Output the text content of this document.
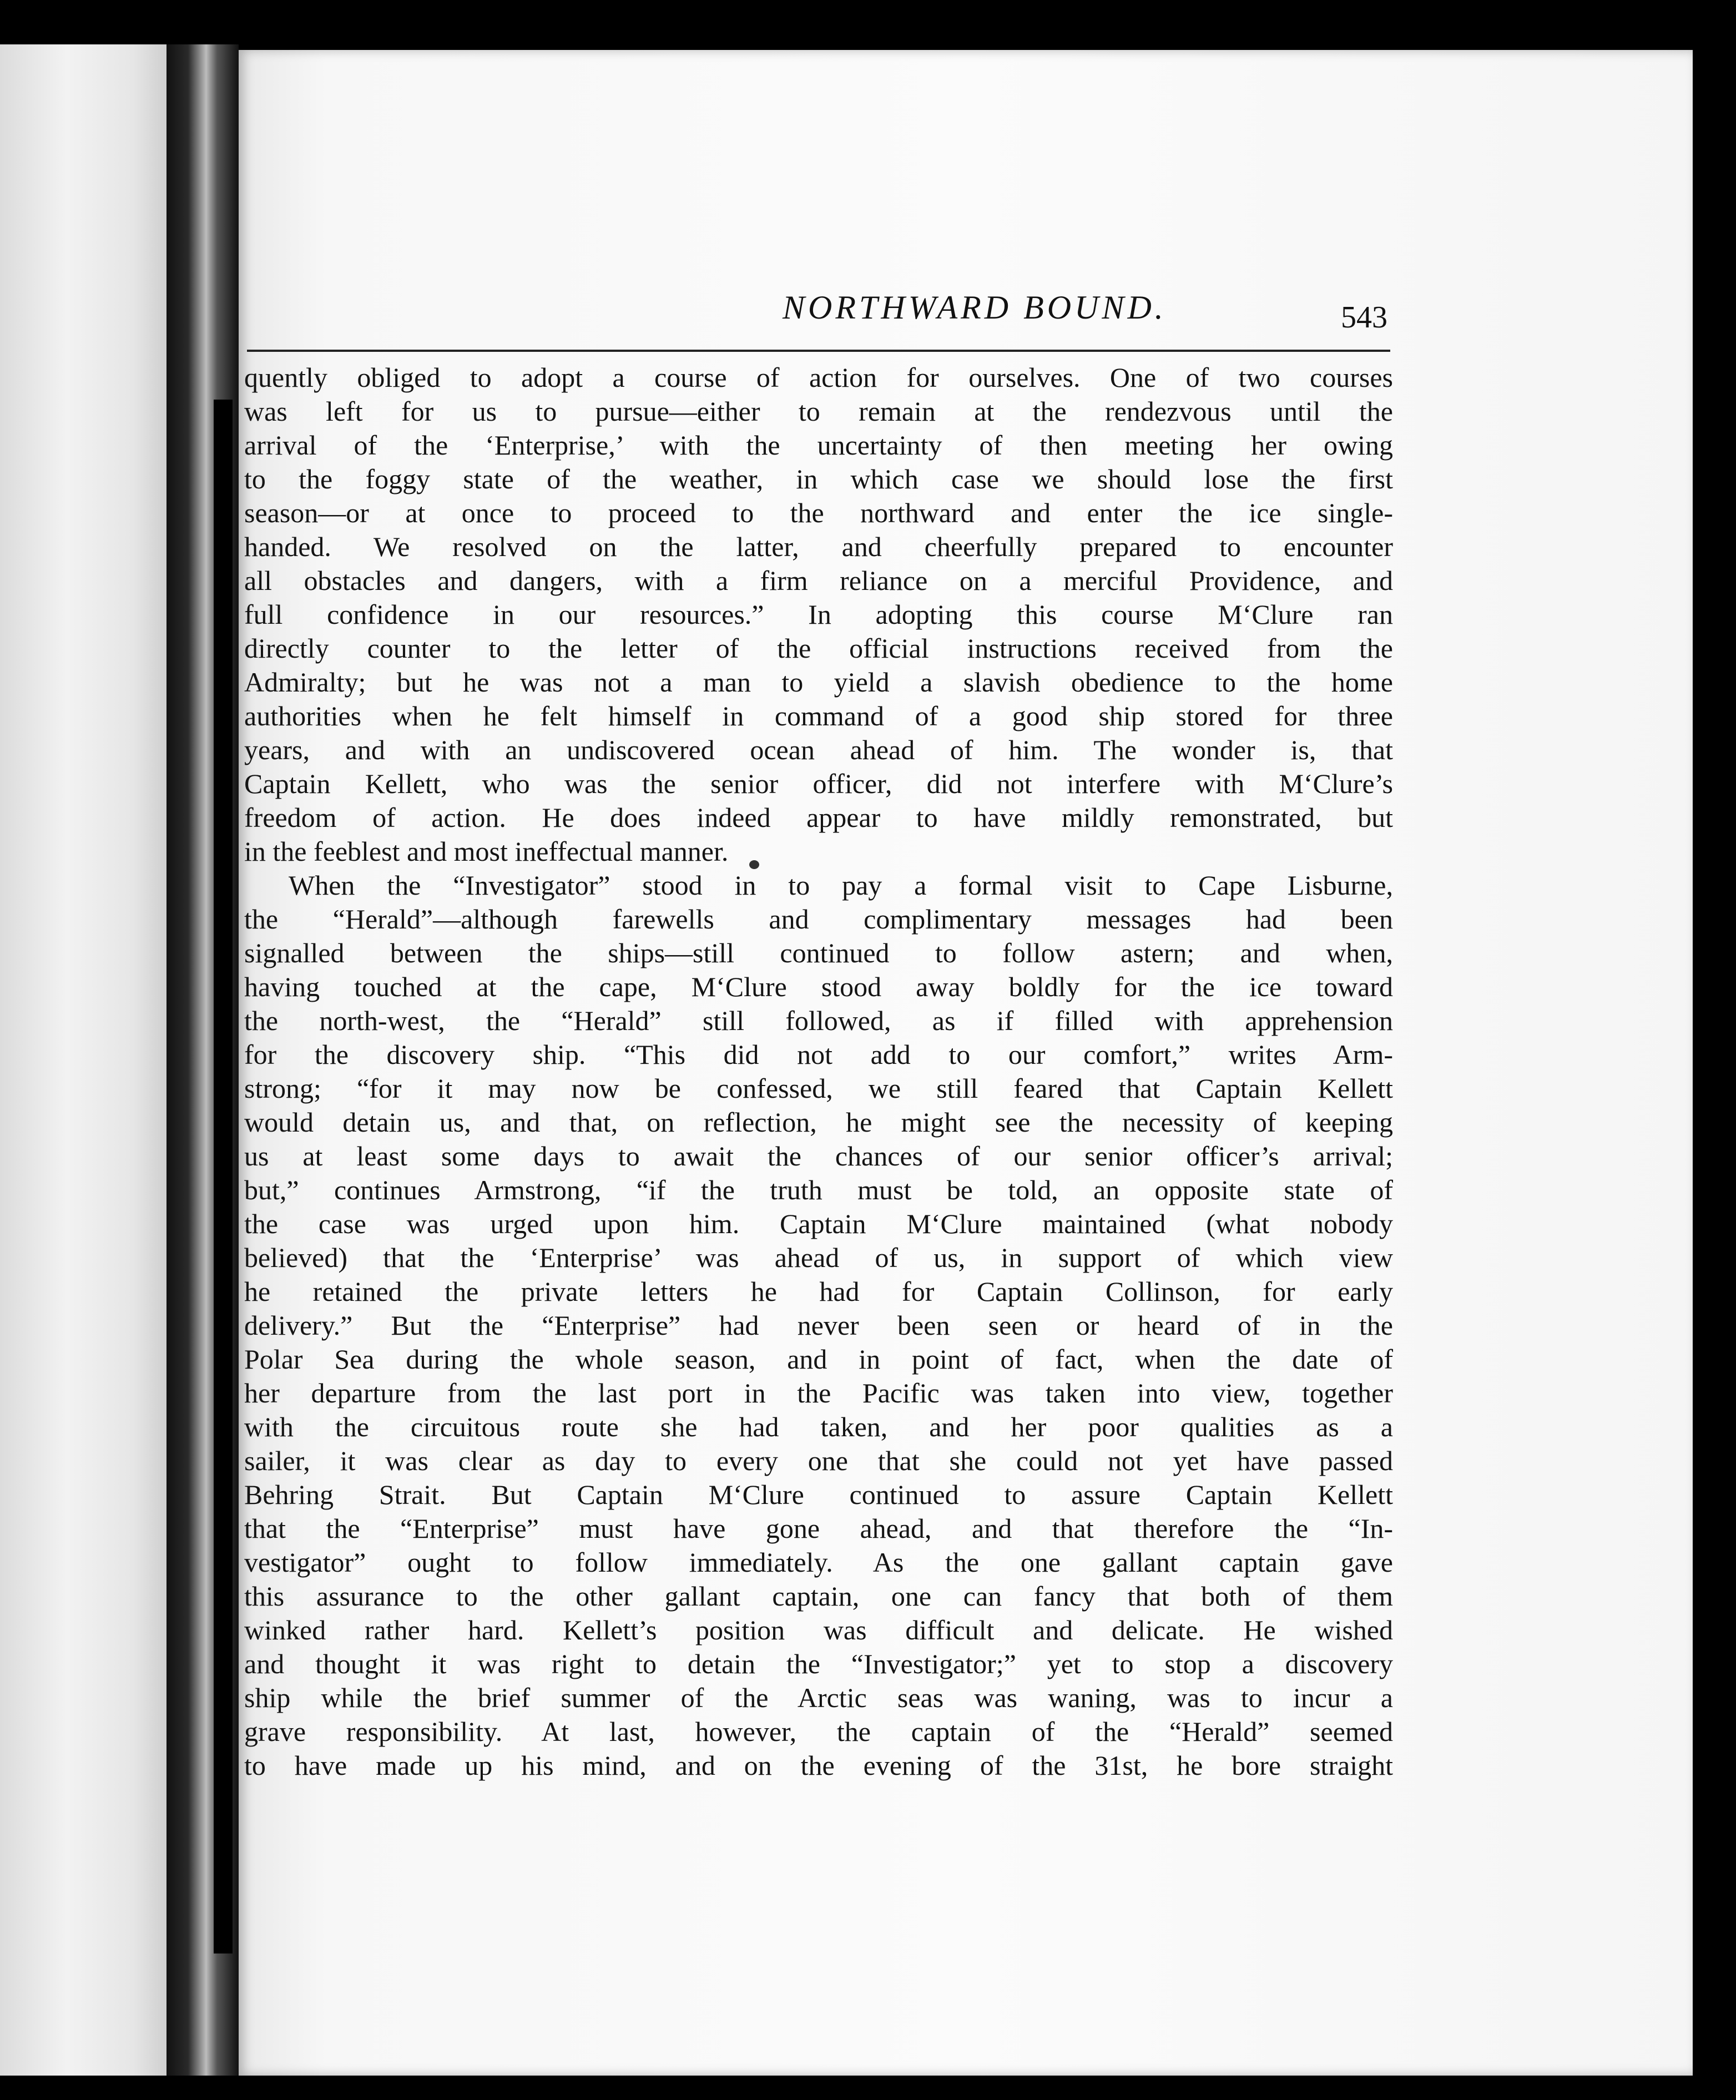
NORTHWARD BOUND.	543
quently obliged to adopt a course of action for ourselves. One of two courses
was left for us to pursue—either to remain at the rendezvous until the
arrival of the ‘Enterprise,’ with the uncertainty of then meeting her owing
to the foggy state of the weather, in which case we should lose the first
season—or at once to proceed to the northward and enter the ice single-
handed. We resolved on the latter, and cheerfully prepared to encounter
all obstacles and dangers, with a firm reliance on a merciful Providence, and
full confidence in our resources.” In adopting this course M‘Clure ran
directly counter to the letter of the official instructions received from the
Admiralty; but he was not a man to yield a slavish obedience to the home
authorities when he felt himself in command of a good ship stored for three
years, and with an undiscovered ocean ahead of him. The wonder is, that
Captain Kellett, who was the senior officer, did not interfere with M‘Clure’s
freedom of action. He does indeed appear to have mildly remonstrated, but
in the feeblest and most ineffectual manner.
When the “Investigator” stood in to pay a formal visit to Cape Lisburne,
the “Herald”—although farewells and complimentary messages had been
signalled between the ships—still continued to follow astern; and when,
having touched at the cape, M‘Clure stood away boldly for the ice toward
the north-west, the “Herald” still followed, as if filled with apprehension
for the discovery ship. “This did not add to our comfort,” writes Arm-
strong; “for it may now be confessed, we still feared that Captain Kellett
would detain us, and that, on reflection, he might see the necessity of keeping
us at least some days to await the chances of our senior officer’s arrival;
but,” continues Armstrong, “if the truth must be told, an opposite state of
the case was urged upon him. Captain M‘Clure maintained (what nobody
believed) that the ‘Enterprise’ was ahead of us, in support of which view
he retained the private letters he had for Captain Collinson, for early
delivery.” But the “Enterprise” had never been seen or heard of in the
Polar Sea during the whole season, and in point of fact, when the date of
her departure from the last port in the Pacific was taken into view, together
with the circuitous route she had taken, and her poor qualities as a
sailer, it was clear as day to every one that she could not yet have passed
Behring Strait. But Captain M‘Clure continued to assure Captain Kellett
that the “Enterprise” must have gone ahead, and that therefore the “In-
vestigator” ought to follow immediately. As the one gallant captain gave
this assurance to the other gallant captain, one can fancy that both of them
winked rather hard. Kellett’s position was difficult and delicate. He wished
and thought it was right to detain the “Investigator;” yet to stop a discovery
ship while the brief summer of the Arctic seas was waning, was to incur a
grave responsibility. At last, however, the captain of the “Herald” seemed
to have made up his mind, and on the evening of the 31st, he bore straight
